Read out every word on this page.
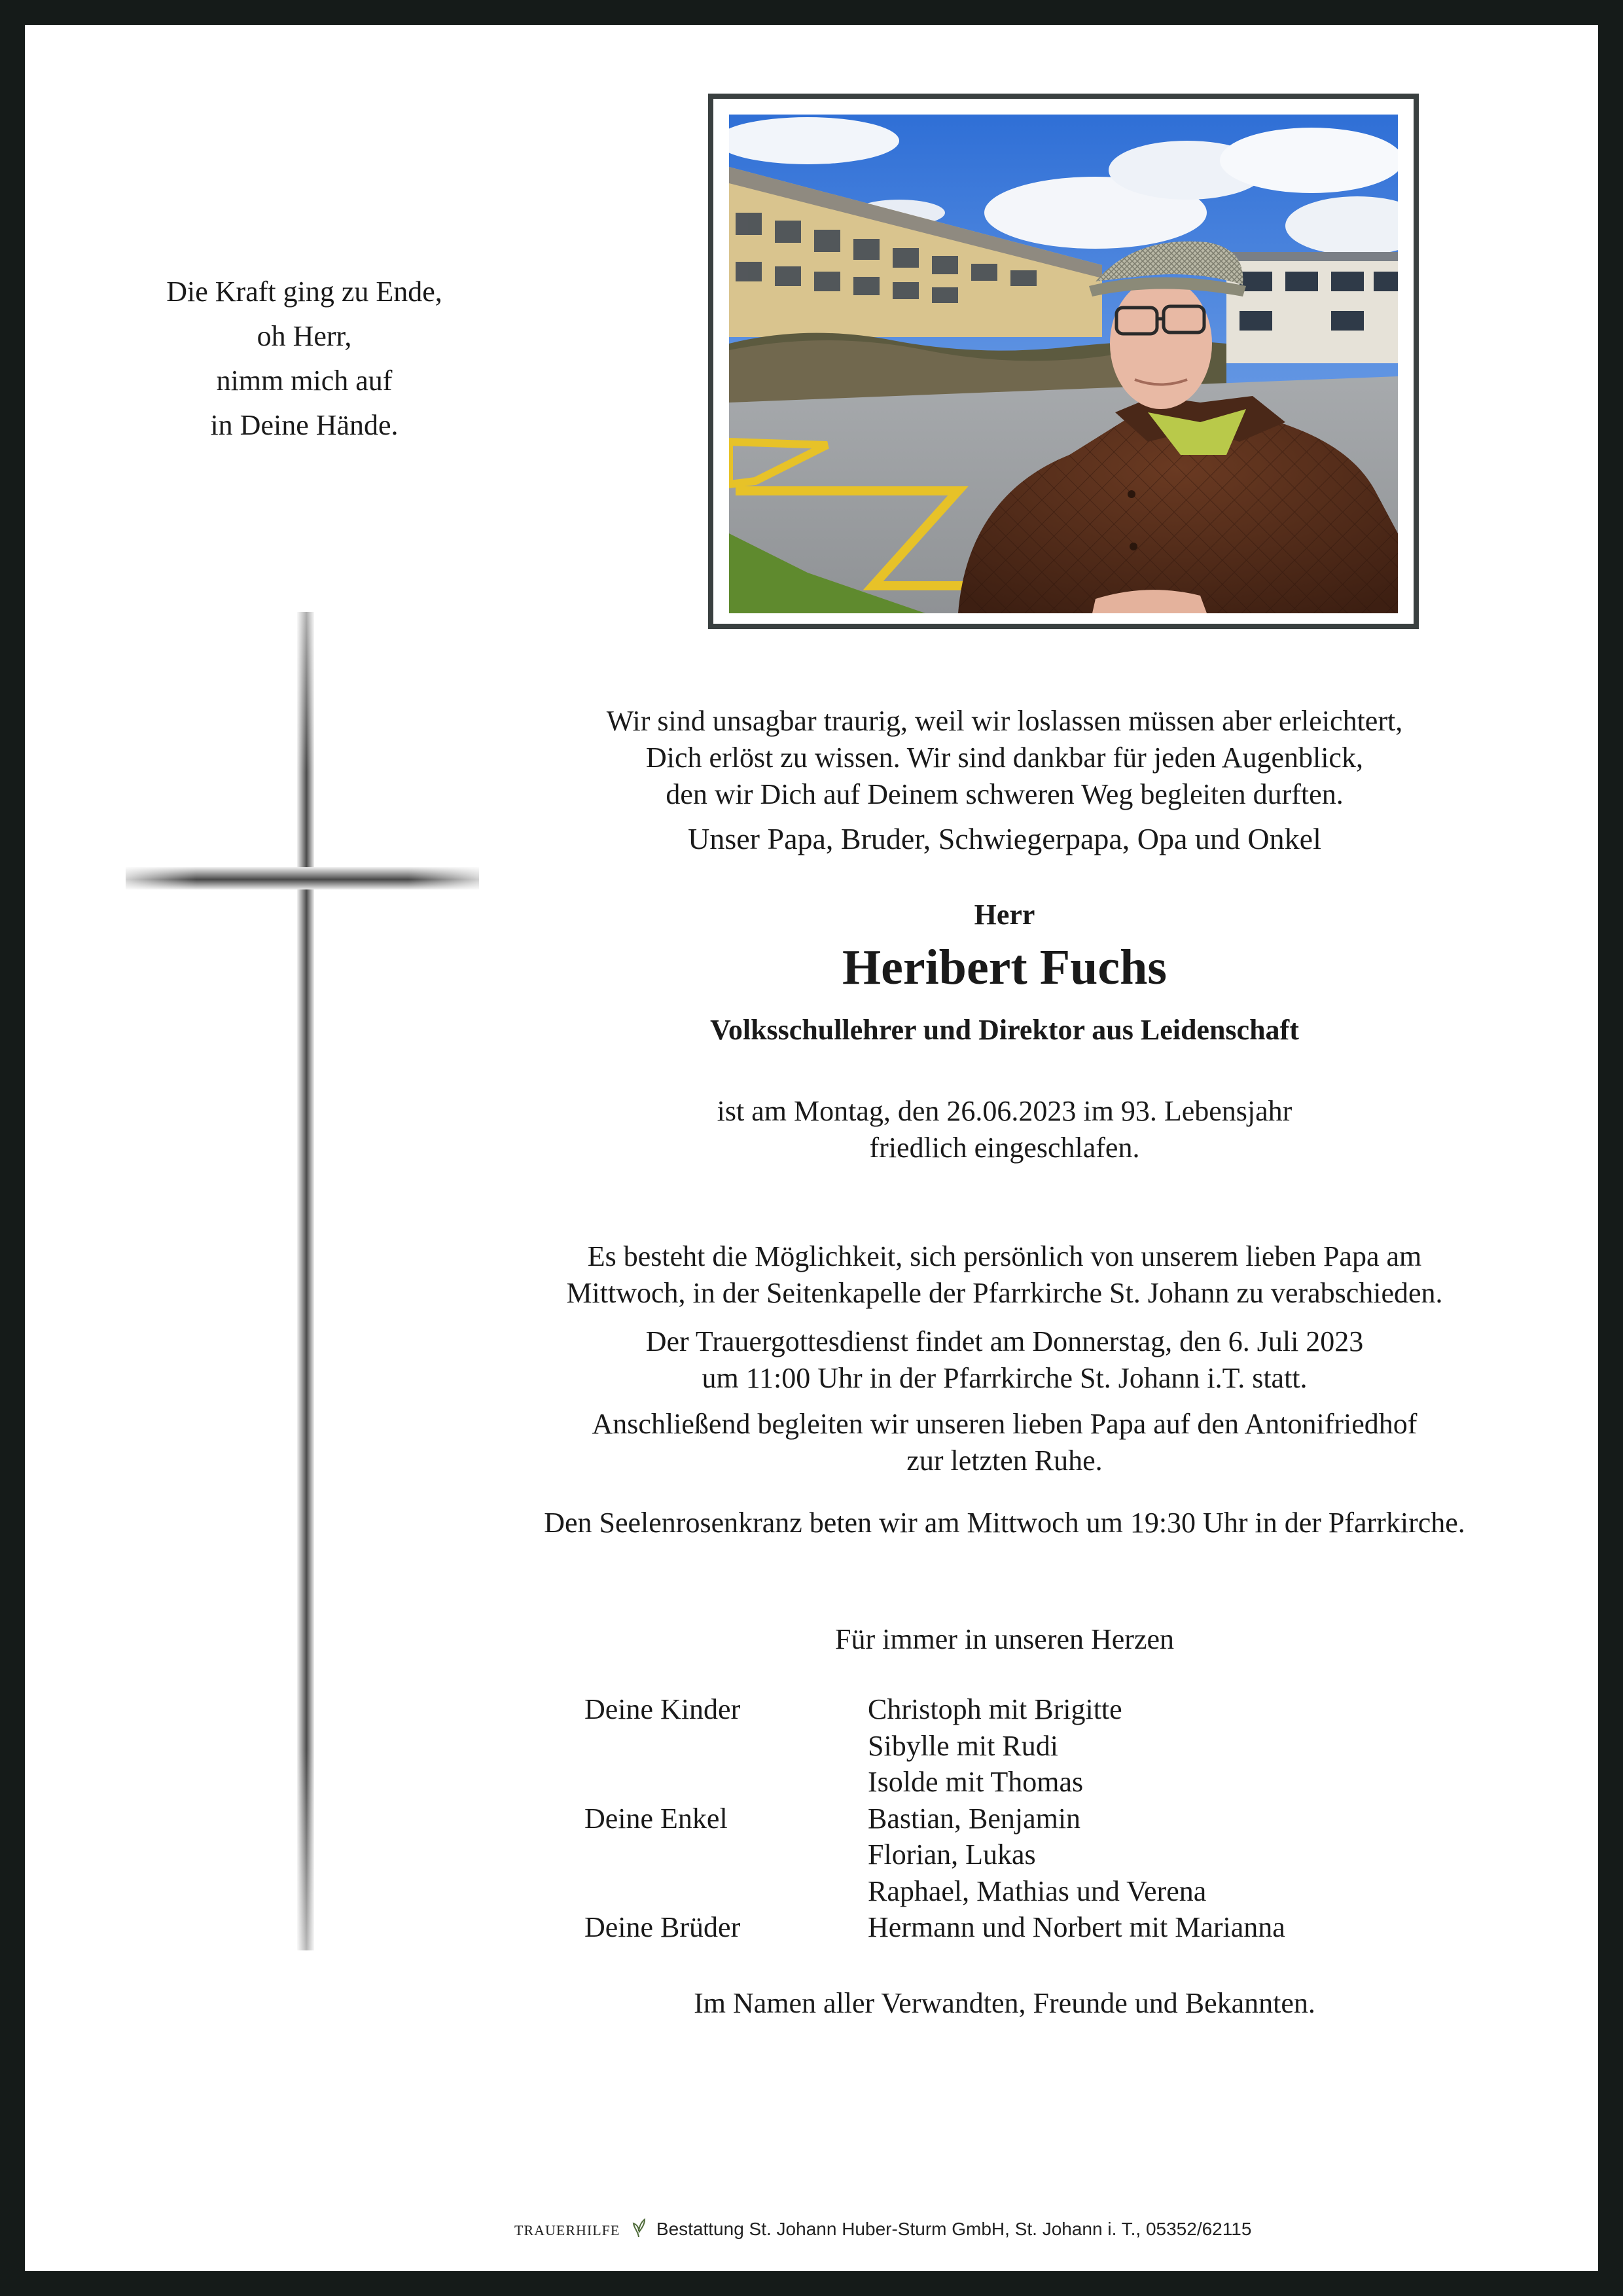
Die Kraft ging zu Ende,
oh Herr,
nimm mich auf
in Deine Hände.

Wir sind unsagbar traurig, weil wir loslassen müssen aber erleichtert,

Dich erlöst zu wissen. Wir sind dankbar für jeden Augenblick,

den wir Dich auf Deinem schweren Weg begleiten durften.

Unser Papa, Bruder, Schwiegerpapa, Opa und Onkel

Herr
Heribert Fuchs
Volksschullehrer und Direktor aus Leidenschaft

ist am Montag, den 26.06.2023 im 93. Lebensjahr

friedlich eingeschlafen.

Es besteht die Möglichkeit, sich persönlich von unserem lieben Papa am

Mittwoch, in der Seitenkapelle der Pfarrkirche St. Johann zu verabschieden.

Der Trauergottesdienst findet am Donnerstag, den 6. Juli 2023

um 11:00 Uhr in der Pfarrkirche St. Johann i.T. statt.

Anschließend begleiten wir unseren lieben Papa auf den Antonifriedhof

zur letzten Ruhe.

Den Seelenrosenkranz beten wir am Mittwoch um 19:30 Uhr in der Pfarrkirche.
Für immer in unseren Herzen
Deine Kinder	Christoph mit Brigitte
Sibylle mit Rudi
Isolde mit Thomas
Deine Enkel	Bastian, Benjamin
Florian, Lukas
Raphael, Mathias und Verena
Deine Brüder	Hermann und Norbert mit Marianna
Im Namen aller Verwandten, Freunde und Bekannten.
TRAUERHILFE Bestattung St. Johann Huber-Sturm GmbH, St. Johann i. T., 05352/62115
